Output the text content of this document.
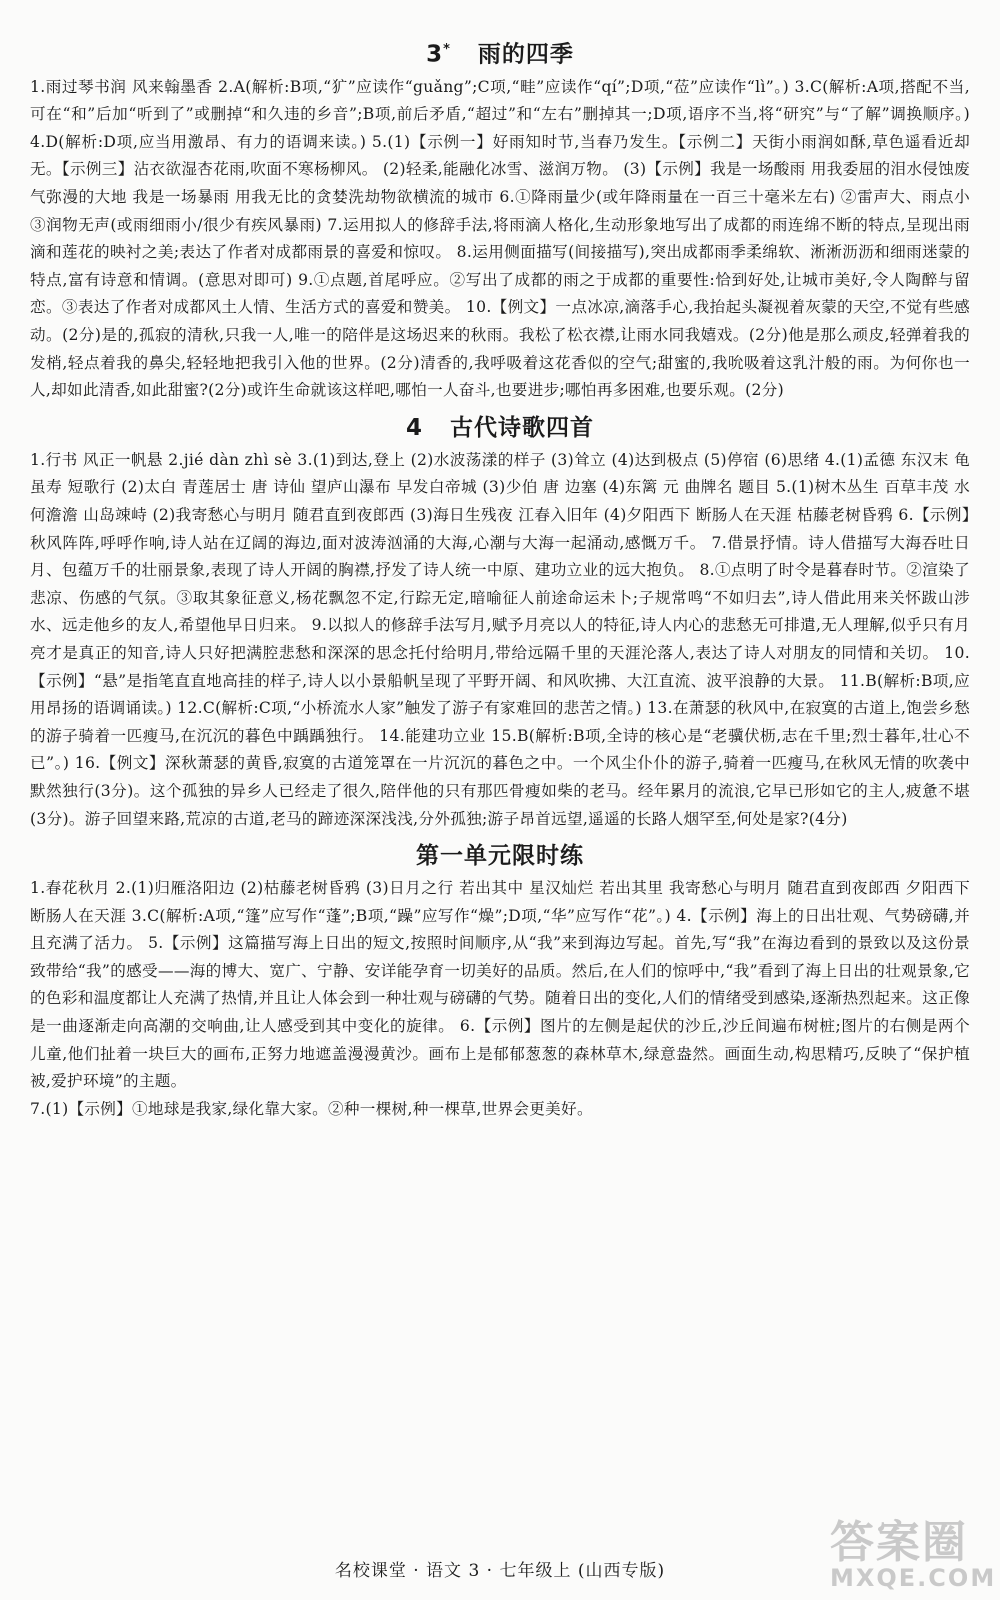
3* 雨的四季

1.雨过琴书润 风来翰墨香 2.A(解析:B项,“犷”应读作“guǎng”;C项,“畦”应读作“qí”;D项,“莅”应读作“lì”。) 3.C(解析:A项,搭配不当,可在“和”后加“听到了”或删掉“和久违的乡音”;B项,前后矛盾,“超过”和“左右”删掉其一;D项,语序不当,将“研究”与“了解”调换顺序。) 4.D(解析:D项,应当用激昂、有力的语调来读。) 5.(1)【示例一】好雨知时节,当春乃发生。【示例二】天街小雨润如酥,草色遥看近却无。【示例三】沾衣欲湿杏花雨,吹面不寒杨柳风。 (2)轻柔,能融化冰雪、滋润万物。 (3)【示例】我是一场酸雨 用我委屈的泪水侵蚀废气弥漫的大地 我是一场暴雨 用我无比的贪婪洗劫物欲横流的城市 6.①降雨量少(或年降雨量在一百三十毫米左右) ②雷声大、雨点小 ③润物无声(或雨细雨小/很少有疾风暴雨) 7.运用拟人的修辞手法,将雨滴人格化,生动形象地写出了成都的雨连绵不断的特点,呈现出雨滴和莲花的映衬之美;表达了作者对成都雨景的喜爱和惊叹。 8.运用侧面描写(间接描写),突出成都雨季柔绵软、淅淅沥沥和细雨迷蒙的特点,富有诗意和情调。(意思对即可) 9.①点题,首尾呼应。②写出了成都的雨之于成都的重要性:恰到好处,让城市美好,令人陶醉与留恋。③表达了作者对成都风土人情、生活方式的喜爱和赞美。 10.【例文】一点冰凉,滴落手心,我抬起头凝视着灰蒙的天空,不觉有些感动。(2分)是的,孤寂的清秋,只我一人,唯一的陪伴是这场迟来的秋雨。我松了松衣襟,让雨水同我嬉戏。(2分)他是那么顽皮,轻弹着我的发梢,轻点着我的鼻尖,轻轻地把我引入他的世界。(2分)清香的,我呼吸着这花香似的空气;甜蜜的,我吮吸着这乳汁般的雨。为何你也一人,却如此清香,如此甜蜜?(2分)或许生命就该这样吧,哪怕一人奋斗,也要进步;哪怕再多困难,也要乐观。(2分)

4 古代诗歌四首

1.行书 风正一帆悬 2.jié dàn zhì sè 3.(1)到达,登上 (2)水波荡漾的样子 (3)耸立 (4)达到极点 (5)停宿 (6)思绪 4.(1)孟德 东汉末 龟虽寿 短歌行 (2)太白 青莲居士 唐 诗仙 望庐山瀑布 早发白帝城 (3)少伯 唐 边塞 (4)东篱 元 曲牌名 题目 5.(1)树木丛生 百草丰茂 水何澹澹 山岛竦峙 (2)我寄愁心与明月 随君直到夜郎西 (3)海日生残夜 江春入旧年 (4)夕阳西下 断肠人在天涯 枯藤老树昏鸦 6.【示例】秋风阵阵,呼呼作响,诗人站在辽阔的海边,面对波涛汹涌的大海,心潮与大海一起涌动,感慨万千。 7.借景抒情。诗人借描写大海吞吐日月、包蕴万千的壮丽景象,表现了诗人开阔的胸襟,抒发了诗人统一中原、建功立业的远大抱负。 8.①点明了时令是暮春时节。②渲染了悲凉、伤感的气氛。③取其象征意义,杨花飘忽不定,行踪无定,暗喻征人前途命运未卜;子规常鸣“不如归去”,诗人借此用来关怀跋山涉水、远走他乡的友人,希望他早日归来。 9.以拟人的修辞手法写月,赋予月亮以人的特征,诗人内心的悲愁无可排遣,无人理解,似乎只有月亮才是真正的知音,诗人只好把满腔悲愁和深深的思念托付给明月,带给远隔千里的天涯沦落人,表达了诗人对朋友的同情和关切。 10.【示例】“悬”是指笔直直地高挂的样子,诗人以小景船帆呈现了平野开阔、和风吹拂、大江直流、波平浪静的大景。 11.B(解析:B项,应用昂扬的语调诵读。) 12.C(解析:C项,“小桥流水人家”触发了游子有家难回的悲苦之情。) 13.在萧瑟的秋风中,在寂寞的古道上,饱尝乡愁的游子骑着一匹瘦马,在沉沉的暮色中踽踽独行。 14.能建功立业 15.B(解析:B项,全诗的核心是“老骥伏枥,志在千里;烈士暮年,壮心不已”。) 16.【例文】深秋萧瑟的黄昏,寂寞的古道笼罩在一片沉沉的暮色之中。一个风尘仆仆的游子,骑着一匹瘦马,在秋风无情的吹袭中默然独行(3分)。这个孤独的异乡人已经走了很久,陪伴他的只有那匹骨瘦如柴的老马。经年累月的流浪,它早已形如它的主人,疲惫不堪(3分)。游子回望来路,荒凉的古道,老马的蹄迹深深浅浅,分外孤独;游子昂首远望,遥遥的长路人烟罕至,何处是家?(4分)

第一单元限时练

1.春花秋月 2.(1)归雁洛阳边 (2)枯藤老树昏鸦 (3)日月之行 若出其中 星汉灿烂 若出其里 我寄愁心与明月 随君直到夜郎西 夕阳西下 断肠人在天涯 3.C(解析:A项,“篷”应写作“蓬”;B项,“躁”应写作“燥”;D项,“华”应写作“花”。) 4.【示例】海上的日出壮观、气势磅礴,并且充满了活力。 5.【示例】这篇描写海上日出的短文,按照时间顺序,从“我”来到海边写起。首先,写“我”在海边看到的景致以及这份景致带给“我”的感受——海的博大、宽广、宁静、安详能孕育一切美好的品质。然后,在人们的惊呼中,“我”看到了海上日出的壮观景象,它的色彩和温度都让人充满了热情,并且让人体会到一种壮观与磅礴的气势。随着日出的变化,人们的情绪受到感染,逐渐热烈起来。这正像是一曲逐渐走向高潮的交响曲,让人感受到其中变化的旋律。 6.【示例】图片的左侧是起伏的沙丘,沙丘间遍布树桩;图片的右侧是两个儿童,他们扯着一块巨大的画布,正努力地遮盖漫漫黄沙。画布上是郁郁葱葱的森林草木,绿意盎然。画面生动,构思精巧,反映了“保护植被,爱护环境”的主题。

7.(1)【示例】①地球是我家,绿化靠大家。②种一棵树,种一棵草,世界会更美好。

名校课堂 · 语文 3 · 七年级上 (山西专版)
答案圈
MXQE.COM
